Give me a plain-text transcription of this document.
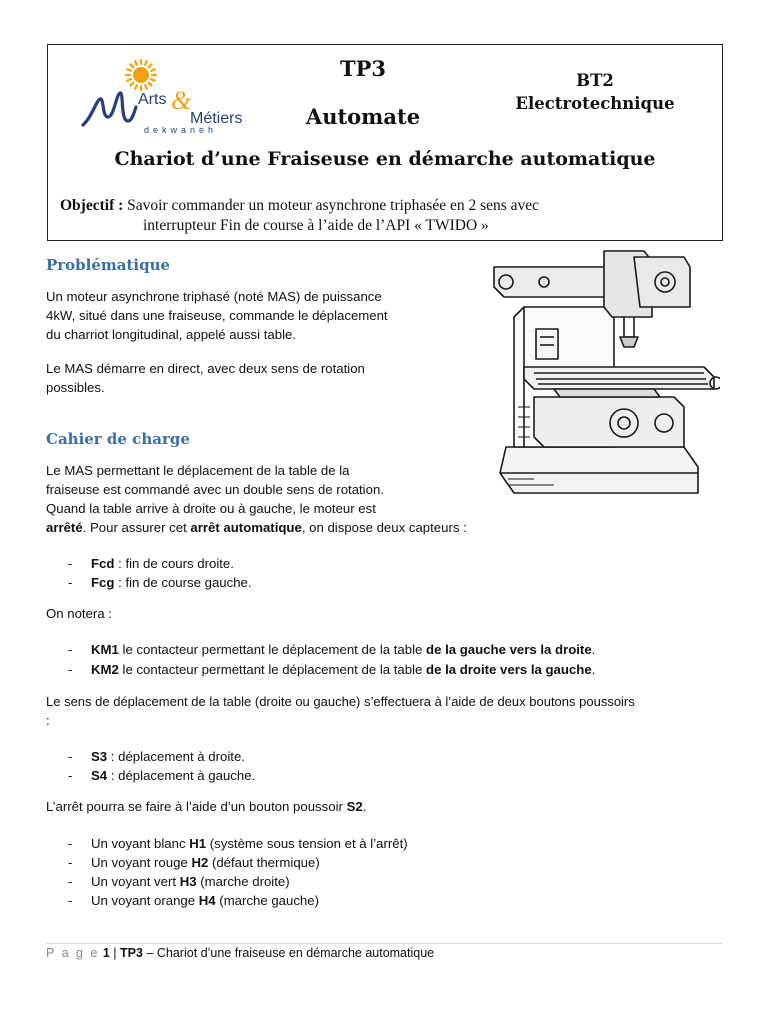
Arts &
Métiers
dekwaneh
TP3
Automate
BT2
Electrotechnique
Chariot d’une Fraiseuse en démarche automatique
Objectif : Savoir commander un moteur asynchrone triphasée en 2 sens avec
interrupteur Fin de course à l’aide de l’API « TWIDO »
Problématique
Un moteur asynchrone triphasé (noté MAS) de puissance
4kW, situé dans une fraiseuse, commande le déplacement
du charriot longitudinal, appelé aussi table.
Le MAS démarre en direct, avec deux sens de rotation
possibles.
Cahier de charge
Le MAS permettant le déplacement de la table de la
fraiseuse est commandé avec un double sens de rotation.
Quand la table arrive à droite ou à gauche, le moteur est
arrêté. Pour assurer cet arrêt automatique, on dispose deux capteurs :
- Fcd : fin de cours droite.
- Fcg : fin de course gauche.
On notera :
- KM1 le contacteur permettant le déplacement de la table de la gauche vers la droite.
- KM2 le contacteur permettant le déplacement de la table de la droite vers la gauche.
Le sens de déplacement de la table (droite ou gauche) s’effectuera à l’aide de deux boutons poussoirs
:
- S3 : déplacement à droite.
- S4 : déplacement à gauche.
L’arrêt pourra se faire à l’aide d’un bouton poussoir S2.
- Un voyant blanc H1 (système sous tension et à l’arrêt)
- Un voyant rouge H2 (défaut thermique)
- Un voyant vert H3 (marche droite)
- Un voyant orange H4 (marche gauche)
P a g e 1 | TP3 – Chariot d’une fraiseuse en démarche automatique
